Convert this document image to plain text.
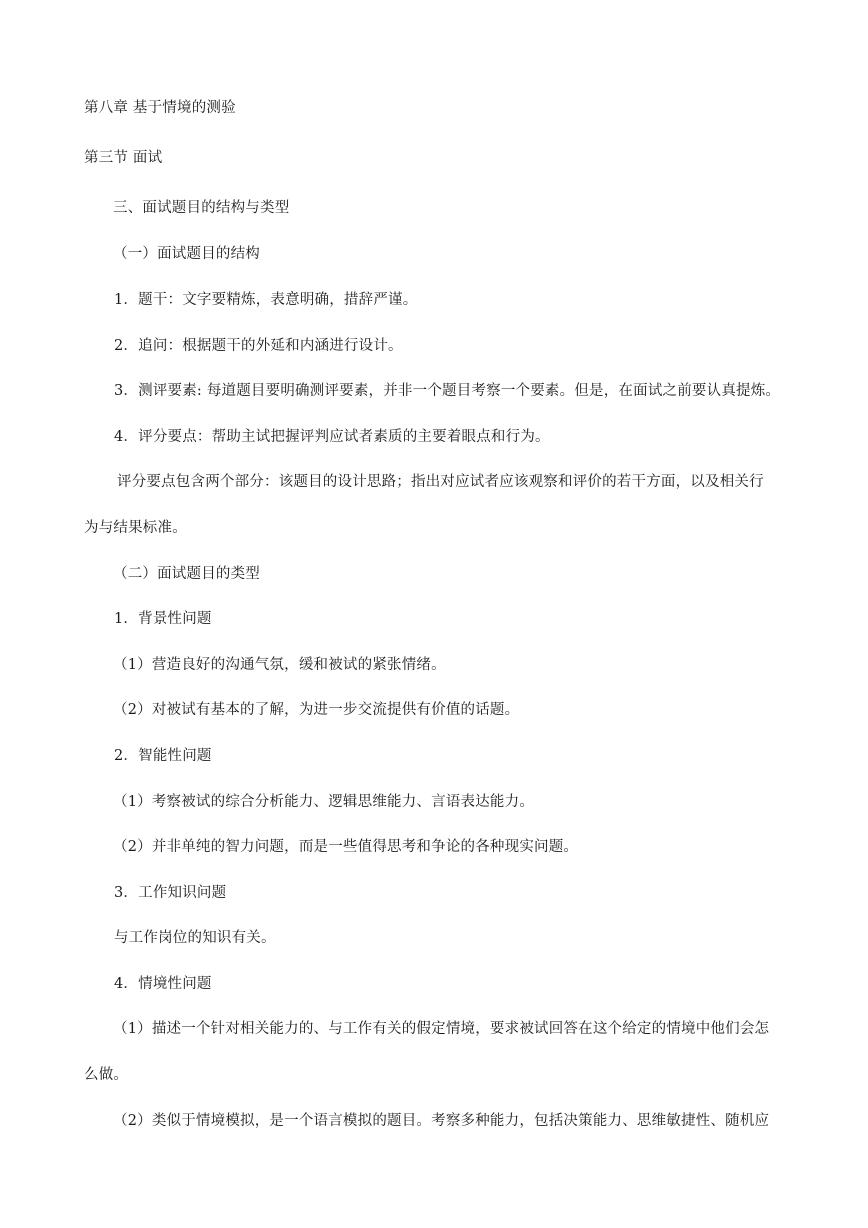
第八章 基于情境的测验
第三节 面试
三、面试题目的结构与类型
（一）面试题目的结构
1．题干：文字要精炼，表意明确，措辞严谨。
2．追问：根据题干的外延和内涵进行设计。
3．测评要素: 每道题目要明确测评要素，并非一个题目考察一个要素。但是，在面试之前要认真提炼。
4．评分要点：帮助主试把握评判应试者素质的主要着眼点和行为。
评分要点包含两个部分：该题目的设计思路；指出对应试者应该观察和评价的若干方面，以及相关行
为与结果标准。
（二）面试题目的类型
1．背景性问题
（1）营造良好的沟通气氛，缓和被试的紧张情绪。
（2）对被试有基本的了解，为进一步交流提供有价值的话题。
2．智能性问题
（1）考察被试的综合分析能力、逻辑思维能力、言语表达能力。
（2）并非单纯的智力问题，而是一些值得思考和争论的各种现实问题。
3．工作知识问题
与工作岗位的知识有关。
4．情境性问题
（1）描述一个针对相关能力的、与工作有关的假定情境，要求被试回答在这个给定的情境中他们会怎
么做。
（2）类似于情境模拟，是一个语言模拟的题目。考察多种能力，包括决策能力、思维敏捷性、随机应
